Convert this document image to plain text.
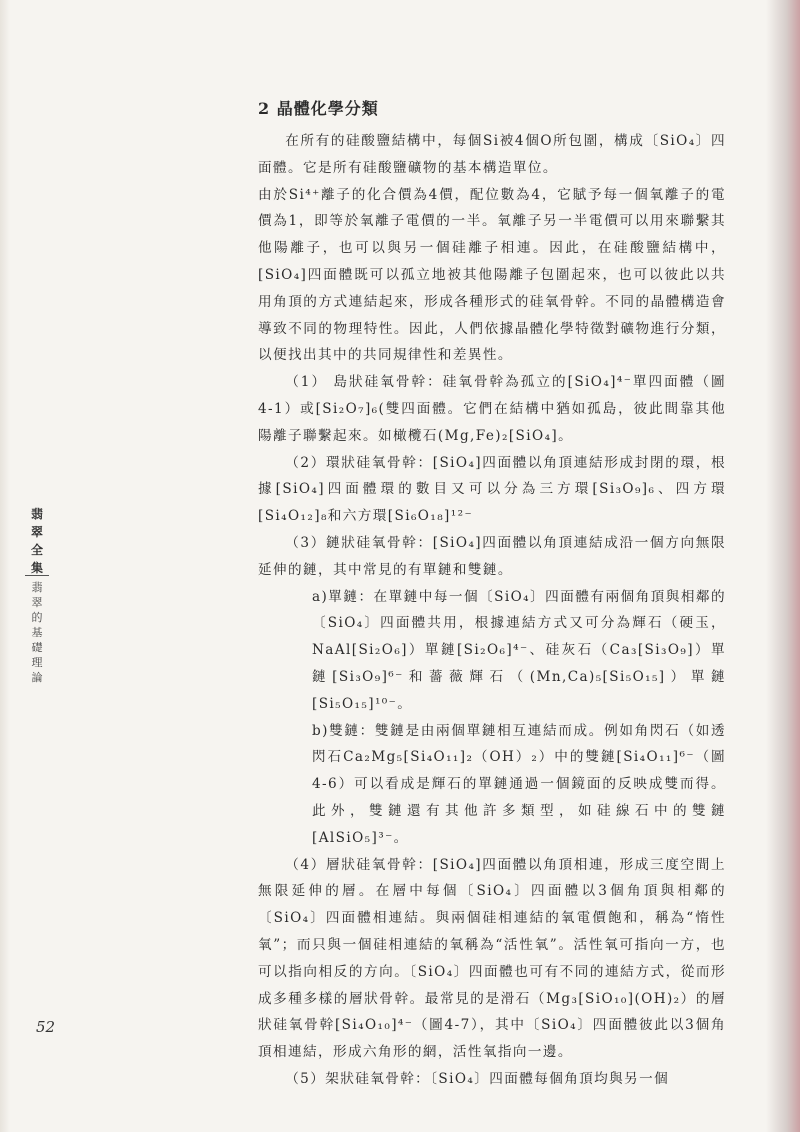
翡翠全集
翡翠的基礎理論
2 晶體化學分類

在所有的硅酸鹽結構中，每個Si被4個O所包圍，構成〔SiO₄〕四面體。它是所有硅酸鹽礦物的基本構造單位。

由於Si⁴⁺離子的化合價為4價，配位數為4，它賦予每一個氧離子的電價為1，即等於氧離子電價的一半。氧離子另一半電價可以用來聯繫其他陽離子，也可以與另一個硅離子相連。因此，在硅酸鹽結構中，[SiO₄]四面體既可以孤立地被其他陽離子包圍起來，也可以彼此以共用角頂的方式連結起來，形成各種形式的硅氧骨幹。不同的晶體構造會導致不同的物理特性。因此，人們依據晶體化學特徵對礦物進行分類，以便找出其中的共同規律性和差異性。

（1） 島狀硅氧骨幹：硅氧骨幹為孤立的[SiO₄]⁴⁻單四面體（圖4-1）或[Si₂O₇]₆(雙四面體。它們在結構中猶如孤島，彼此間靠其他陽離子聯繫起來。如橄欖石(Mg,Fe)₂[SiO₄]。

（2）環狀硅氧骨幹：[SiO₄]四面體以角頂連結形成封閉的環，根據[SiO₄]四面體環的數目又可以分為三方環[Si₃O₉]₆、四方環[Si₄O₁₂]₈和六方環[Si₆O₁₈]¹²⁻

（3）鏈狀硅氧骨幹：[SiO₄]四面體以角頂連結成沿一個方向無限延伸的鏈，其中常見的有單鏈和雙鏈。

a)單鏈：在單鏈中每一個〔SiO₄〕四面體有兩個角頂與相鄰的〔SiO₄〕四面體共用，根據連結方式又可分為輝石（硬玉，NaAl[Si₂O₆]）單鏈[Si₂O₆]⁴⁻、硅灰石（Ca₃[Si₃O₉]）單鏈[Si₃O₉]⁶⁻和薔薇輝石（(Mn,Ca)₅[Si₅O₁₅]）單鏈[Si₅O₁₅]¹⁰⁻。

b)雙鏈：雙鏈是由兩個單鏈相互連結而成。例如角閃石（如透閃石Ca₂Mg₅[Si₄O₁₁]₂（OH）₂）中的雙鏈[Si₄O₁₁]⁶⁻（圖4-6）可以看成是輝石的單鏈通過一個鏡面的反映成雙而得。此外，雙鏈還有其他許多類型，如硅線石中的雙鏈[AlSiO₅]³⁻。

（4）層狀硅氧骨幹：[SiO₄]四面體以角頂相連，形成三度空間上無限延伸的層。在層中每個〔SiO₄〕四面體以3個角頂與相鄰的〔SiO₄〕四面體相連結。與兩個硅相連結的氧電價飽和，稱為“惰性氧”；而只與一個硅相連結的氧稱為“活性氧”。活性氧可指向一方，也可以指向相反的方向。〔SiO₄〕四面體也可有不同的連結方式，從而形成多種多樣的層狀骨幹。最常見的是滑石（Mg₃[SiO₁₀](OH)₂）的層狀硅氧骨幹[Si₄O₁₀]⁴⁻（圖4-7），其中〔SiO₄〕四面體彼此以3個角頂相連結，形成六角形的網，活性氧指向一邊。

（5）架狀硅氧骨幹：〔SiO₄〕四面體每個角頂均與另一個

52
